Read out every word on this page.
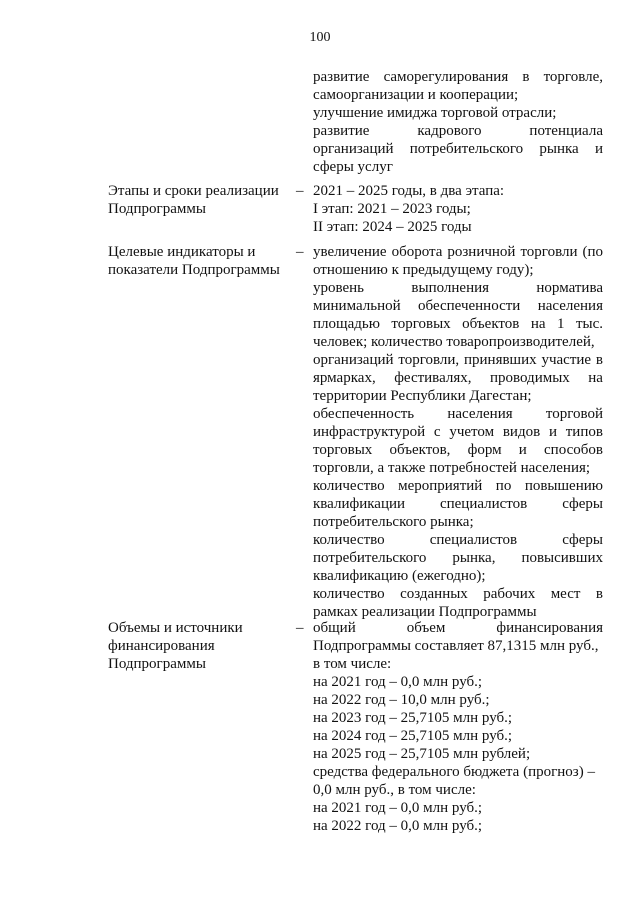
100
развитие саморегулирования в торговле,
самоорганизации и кооперации;
улучшение имиджа торговой отрасли;
развитие	кадрового	потенциала
организаций потребительского рынка и
сферы услуг
Этапы и сроки реализации
Подпрограммы
– 2021 – 2025 годы, в два этапа:
I этап: 2021 – 2023 годы;
II этап: 2024 – 2025 годы
Целевые индикаторы и
показатели Подпрограммы
– увеличение оборота розничной торговли (по
отношению к предыдущему году);
уровень	выполнения	норматива
минимальной обеспеченности населения
площадью торговых объектов на 1 тыс.
человек; количество товаропроизводителей,
организаций торговли, принявших участие в
ярмарках, фестивалях, проводимых на
территории Республики Дагестан;
обеспеченность населения торговой
инфраструктурой с учетом видов и типов
торговых объектов, форм и способов
торговли, а также потребностей населения;
количество мероприятий по повышению
квалификации специалистов сферы
потребительского рынка;
количество	специалистов	сферы
потребительского рынка, повысивших
квалификацию (ежегодно);
количество созданных рабочих мест в
рамках реализации Подпрограммы
Объемы и источники
финансирования
Подпрограммы
– общий	объем	финансирования
Подпрограммы составляет 87,1315 млн руб.,
в том числе:
на 2021 год – 0,0 млн руб.;
на 2022 год – 10,0 млн руб.;
на 2023 год – 25,7105 млн руб.;
на 2024 год – 25,7105 млн руб.;
на 2025 год – 25,7105 млн рублей;
средства федерального бюджета (прогноз) –
0,0 млн руб., в том числе:
на 2021 год – 0,0 млн руб.;
на 2022 год – 0,0 млн руб.;
